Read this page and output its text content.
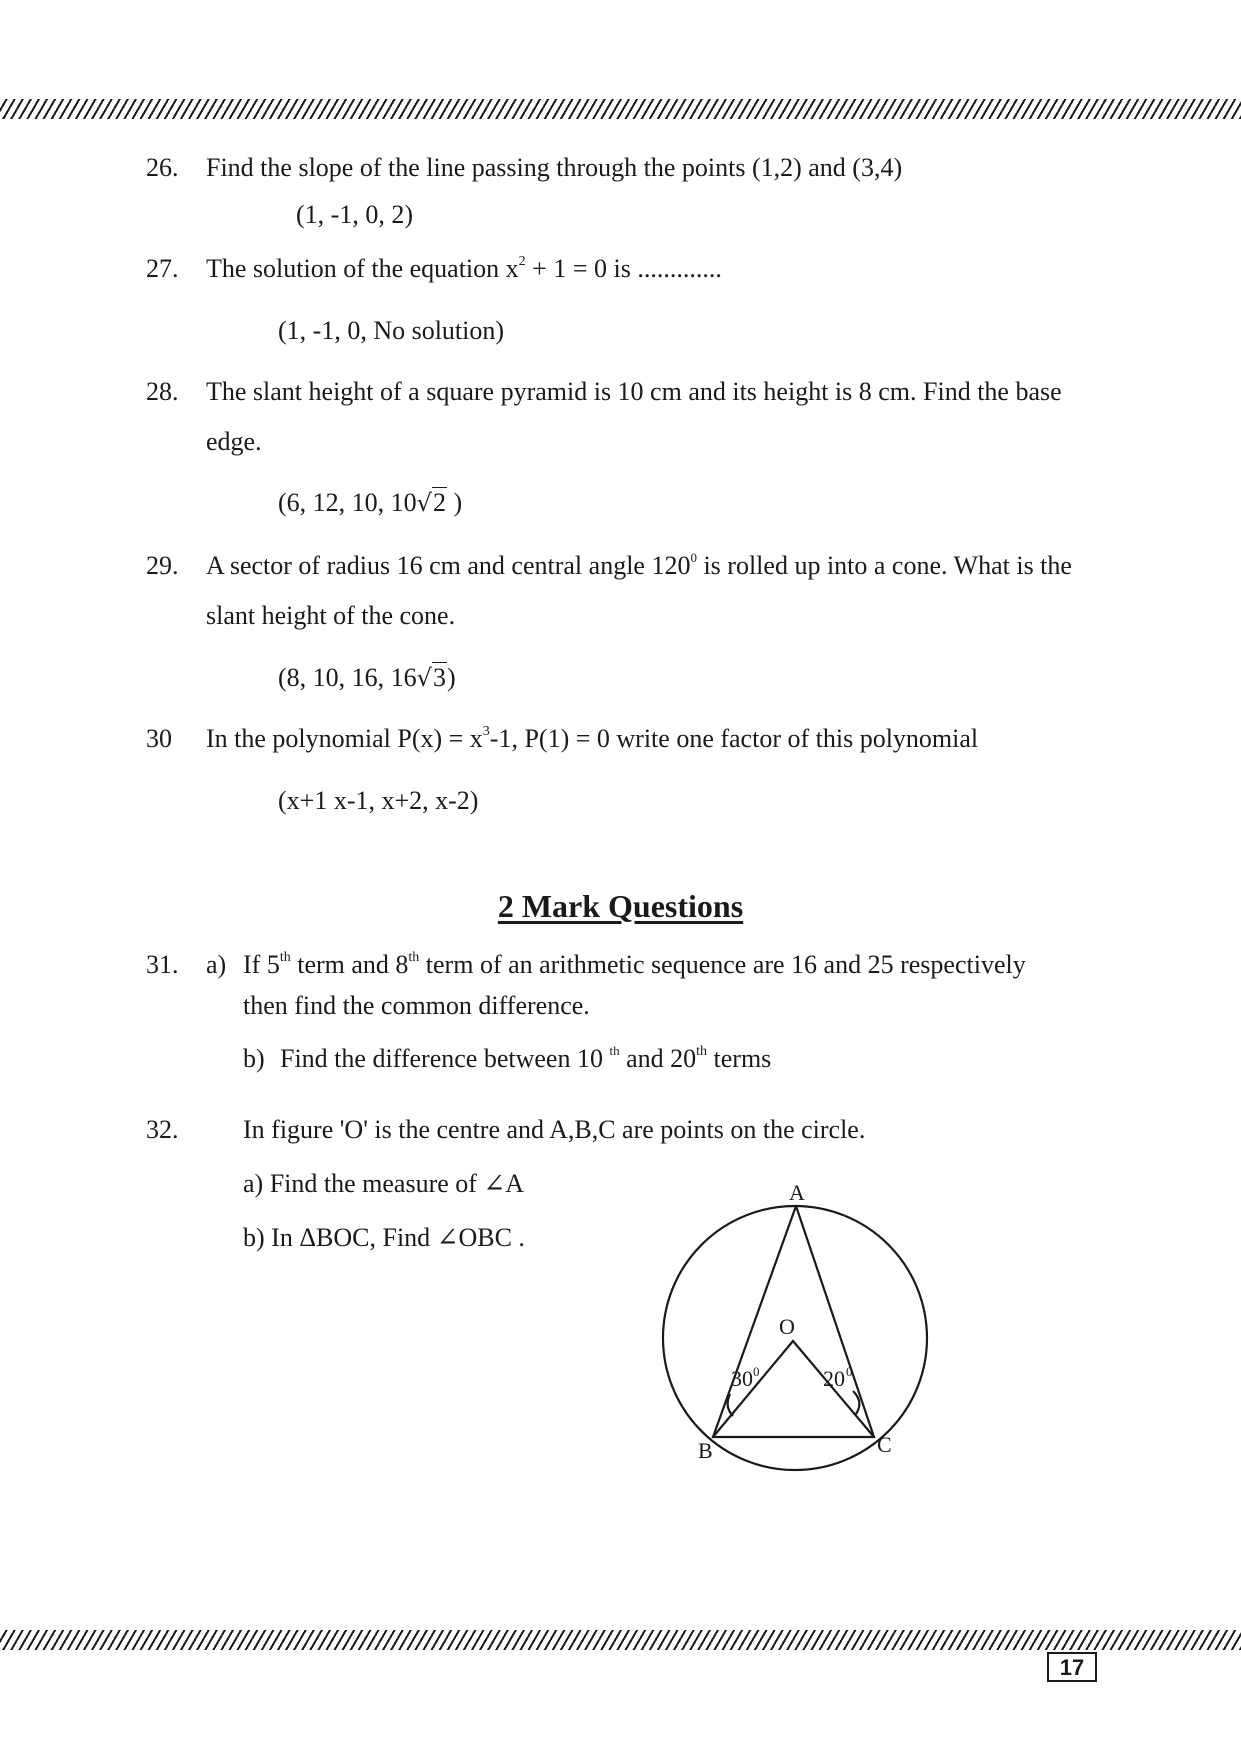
26. Find the slope of the line passing through the points (1,2) and (3,4)
(1, -1, 0, 2)
27. The solution of the equation $x^2 + 1 = 0$ is .............
(1, -1, 0, No solution)
28. The slant height of a square pyramid is 10 cm and its height is 8 cm. Find the base
edge.
(6, 12, 10, 10√2 )
29. A sector of radius 16 cm and central angle $120^0$ is rolled up into a cone. What is the
slant height of the cone.
(8, 10, 16, 16√3)
30 In the polynomial $P(x) = x^3-1$, P(1) = 0 write one factor of this polynomial
(x+1 x-1, x+2, x-2)
2 Mark Questions
31. a) If 5th term and 8th term of an arithmetic sequence are 16 and 25 respectively
then find the common difference.
b) Find the difference between 10 $^{th}$ and 20th terms
32. In figure 'O' is the centre and A,B,C are points on the circle.
a) Find the measure of ∠A
b) In ΔBOC, Find ∠OBC .
A
B	C
O
30 0	20 0
17
